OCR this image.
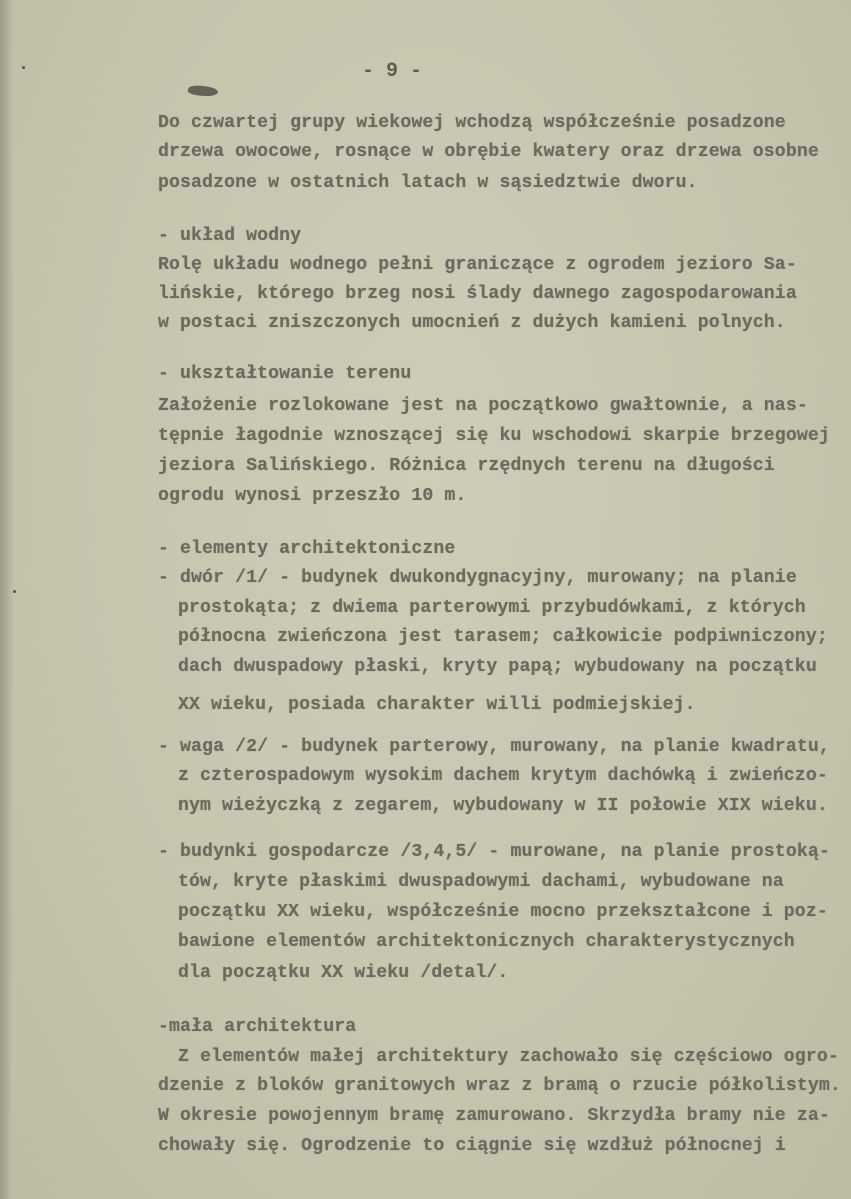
- 9 -
Do czwartej grupy wiekowej wchodzą współcześnie posadzone
drzewa owocowe, rosnące w obrębie kwatery oraz drzewa osobne
posadzone w ostatnich latach w sąsiedztwie dworu.
- układ wodny
Rolę układu wodnego pełni graniczące z ogrodem jezioro Sa-
lińskie, którego brzeg nosi ślady dawnego zagospodarowania
w postaci zniszczonych umocnień z dużych kamieni polnych.
- ukształtowanie terenu
Założenie rozlokowane jest na początkowo gwałtownie, a nas-
tępnie łagodnie wznoszącej się ku wschodowi skarpie brzegowej
jeziora Salińskiego. Różnica rzędnych terenu na długości
ogrodu wynosi przeszło 10 m.
- elementy architektoniczne
- dwór /1/ - budynek dwukondygnacyjny, murowany; na planie
prostokąta; z dwiema parterowymi przybudówkami, z których
północna zwieńczona jest tarasem; całkowicie podpiwniczony;
dach dwuspadowy płaski, kryty papą; wybudowany na początku
XX wieku, posiada charakter willi podmiejskiej.
- waga /2/ - budynek parterowy, murowany, na planie kwadratu,
z czterospadowym wysokim dachem krytym dachówką i zwieńczo-
nym wieżyczką z zegarem, wybudowany w II połowie XIX wieku.
- budynki gospodarcze /3,4,5/ - murowane, na planie prostoką-
tów, kryte płaskimi dwuspadowymi dachami, wybudowane na
początku XX wieku, współcześnie mocno przekształcone i poz-
bawione elementów architektonicznych charakterystycznych
dla początku XX wieku /detal/.
-mała architektura
Z elementów małej architektury zachowało się częściowo ogro-
dzenie z bloków granitowych wraz z bramą o rzucie półkolistym.
W okresie powojennym bramę zamurowano. Skrzydła bramy nie za-
chowały się. Ogrodzenie to ciągnie się wzdłuż północnej i
